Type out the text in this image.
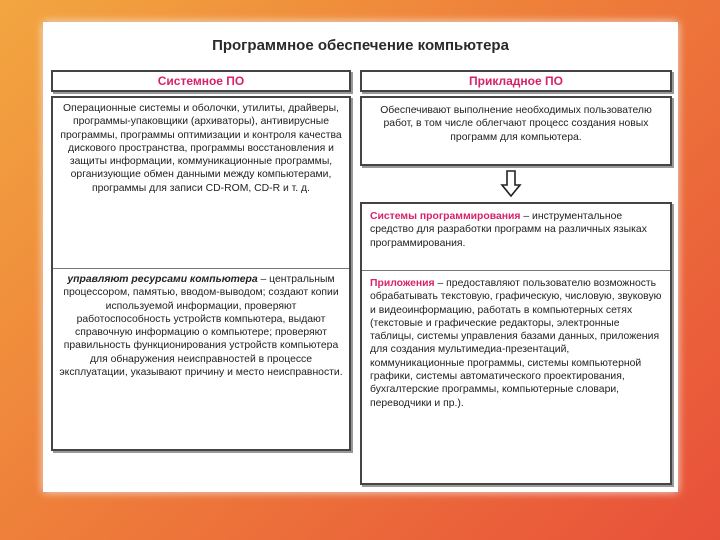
Программное обеспечение компьютера
Системное ПО
Операционные системы и оболочки, утилиты, драйверы, программы-упаковщики (архиваторы), антивирусные программы, программы оптимизации и контроля качества дискового пространства, программы восстановления и защиты информации, коммуникационные программы, организующие обмен данными между компьютерами, программы для записи CD-ROM, CD-R и т. д.
управляют ресурсами компьютера – центральным процессором, памятью, вводом-выводом; создают копии используемой информации, проверяют работоспособность устройств компьютера, выдают справочную информацию о компьютере; проверяют правильность функционирования устройств компьютера для обнаружения неисправностей в процессе эксплуатации, указывают причину и место неисправности.
Прикладное ПО
Обеспечивают выполнение необходимых пользователю работ, в том числе облегчают процесс создания новых программ для компьютера.
Системы программирования – инструментальное средство для разработки программ на различных языках программирования.
Приложения – предоставляют пользователю возможность обрабатывать текстовую, графическую, числовую, звуковую и видеоинформацию, работать в компьютерных сетях (текстовые и графические редакторы, электронные таблицы, системы управления базами данных, приложения для создания мультимедиа-презентаций, коммуникационные программы, системы компьютерной графики, системы автоматического проектирования, бухгалтерские программы, компьютерные словари, переводчики и пр.).
